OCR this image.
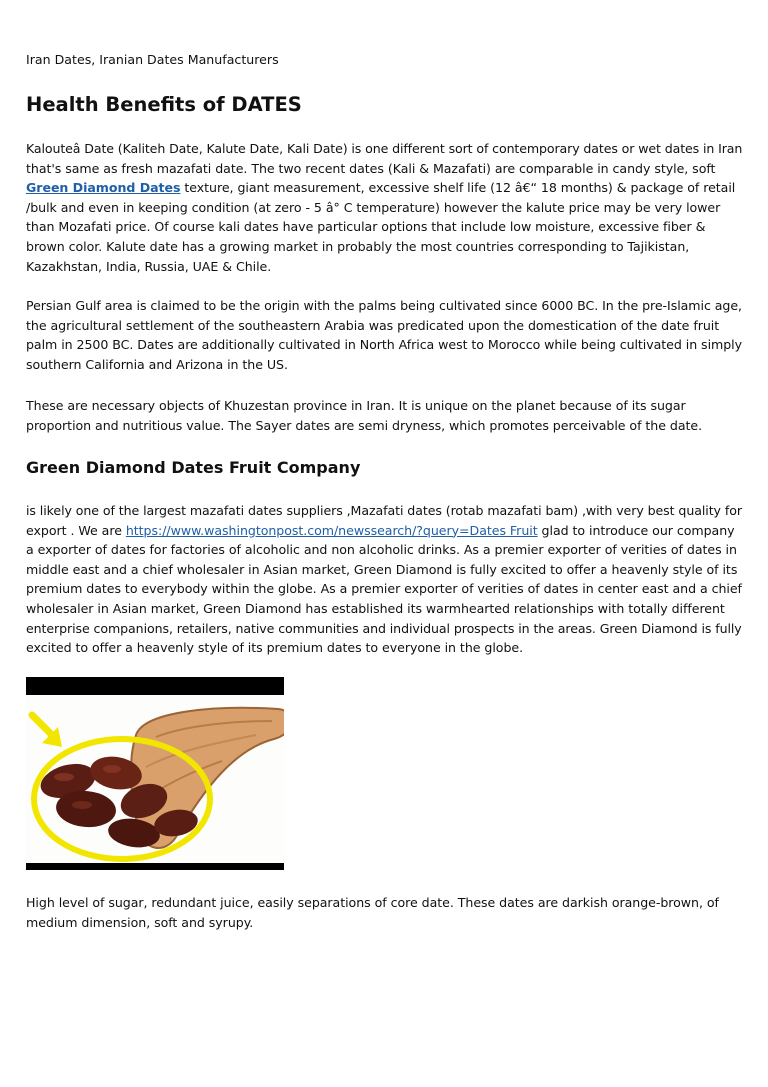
Iran Dates, Iranian Dates Manufacturers
Health Benefits of DATES
Kalouteâ Date (Kaliteh Date, Kalute Date, Kali Date) is one different sort of contemporary dates or wet dates in Iran
that's same as fresh mazafati date. The two recent dates (Kali & Mazafati) are comparable in candy style, soft
Green Diamond Dates texture, giant measurement, excessive shelf life (12 â€“ 18 months) & package of retail
/bulk and even in keeping condition (at zero - 5 â° C temperature) however the kalute price may be very lower
than Mozafati price. Of course kali dates have particular options that include low moisture, excessive fiber &
brown color. Kalute date has a growing market in probably the most countries corresponding to Tajikistan,
Kazakhstan, India, Russia, UAE & Chile.
Persian Gulf area is claimed to be the origin with the palms being cultivated since 6000 BC. In the pre-Islamic age,
the agricultural settlement of the southeastern Arabia was predicated upon the domestication of the date fruit
palm in 2500 BC. Dates are additionally cultivated in North Africa west to Morocco while being cultivated in simply
southern California and Arizona in the US.
These are necessary objects of Khuzestan province in Iran. It is unique on the planet because of its sugar
proportion and nutritious value. The Sayer dates are semi dryness, which promotes perceivable of the date.
Green Diamond Dates Fruit Company
is likely one of the largest mazafati dates suppliers ,Mazafati dates (rotab mazafati bam) ,with very best quality for
export . We are https://www.washingtonpost.com/newssearch/?query=Dates Fruit glad to introduce our company
a exporter of dates for factories of alcoholic and non alcoholic drinks. As a premier exporter of verities of dates in
middle east and a chief wholesaler in Asian market, Green Diamond is fully excited to offer a heavenly style of its
premium dates to everybody within the globe. As a premier exporter of verities of dates in center east and a chief
wholesaler in Asian market, Green Diamond has established its warmhearted relationships with totally different
enterprise companions, retailers, native communities and individual prospects in the areas. Green Diamond is fully
excited to offer a heavenly style of its premium dates to everyone in the globe.
High level of sugar, redundant juice, easily separations of core date. These dates are darkish orange-brown, of
medium dimension, soft and syrupy.
